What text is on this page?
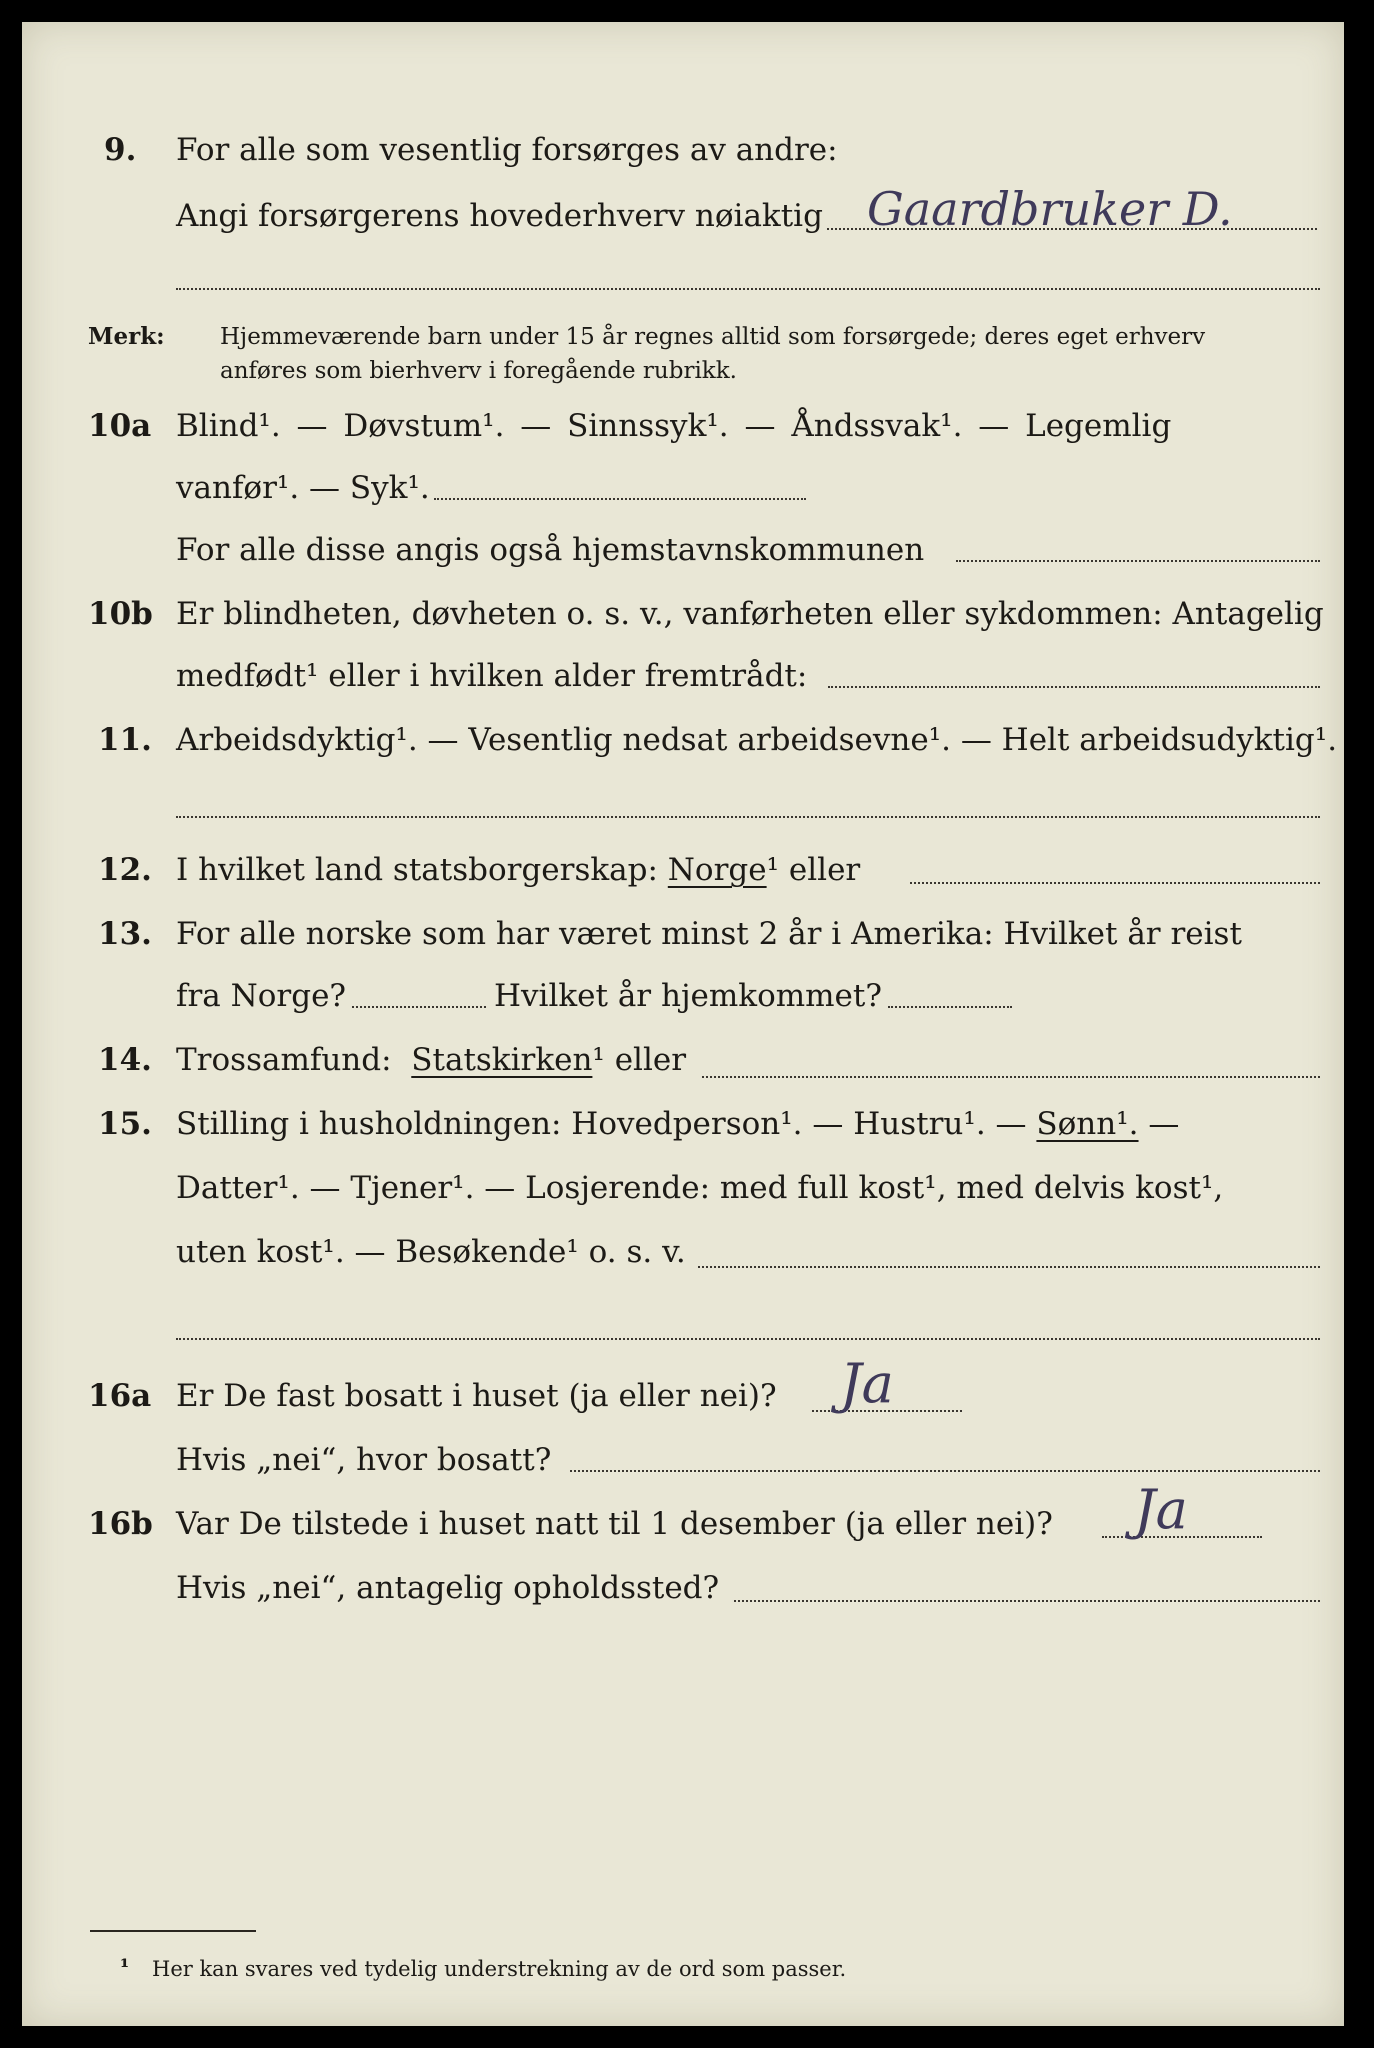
9. For alle som vesentlig forsørges av andre:
Angi forsørgerens hovederhverv nøiaktig Gaardbruker D.
Merk: Hjemmeværende barn under 15 år regnes alltid som forsørgede; deres eget erhverv
anføres som bierhverv i foregående rubrikk.
10a Blind¹. — Døvstum¹. — Sinnssyk¹. — Åndssvak¹. — Legemlig
vanfør¹. — Syk¹.
For alle disse angis også hjemstavnskommunen
10b Er blindheten, døvheten o. s. v., vanførheten eller sykdommen: Antagelig
medfødt¹ eller i hvilken alder fremtrådt:
11. Arbeidsdyktig¹. — Vesentlig nedsat arbeidsevne¹. — Helt arbeidsudyktig¹.
12. I hvilket land statsborgerskap: Norge¹ eller
13. For alle norske som har været minst 2 år i Amerika: Hvilket år reist
fra Norge?	Hvilket år hjemkommet?
14. Trossamfund: Statskirken¹ eller
15. Stilling i husholdningen: Hovedperson¹. — Hustru¹. — Sønn¹. —
Datter¹. — Tjener¹. — Losjerende: med full kost¹, med delvis kost¹,
uten kost¹. — Besøkende¹ o. s. v.
16a Er De fast bosatt i huset (ja eller nei)? Ja
Hvis „nei“, hvor bosatt?
16b Var De tilstede i huset natt til 1 desember (ja eller nei)? Ja
Hvis „nei“, antagelig opholdssted?
¹ Her kan svares ved tydelig understrekning av de ord som passer.
